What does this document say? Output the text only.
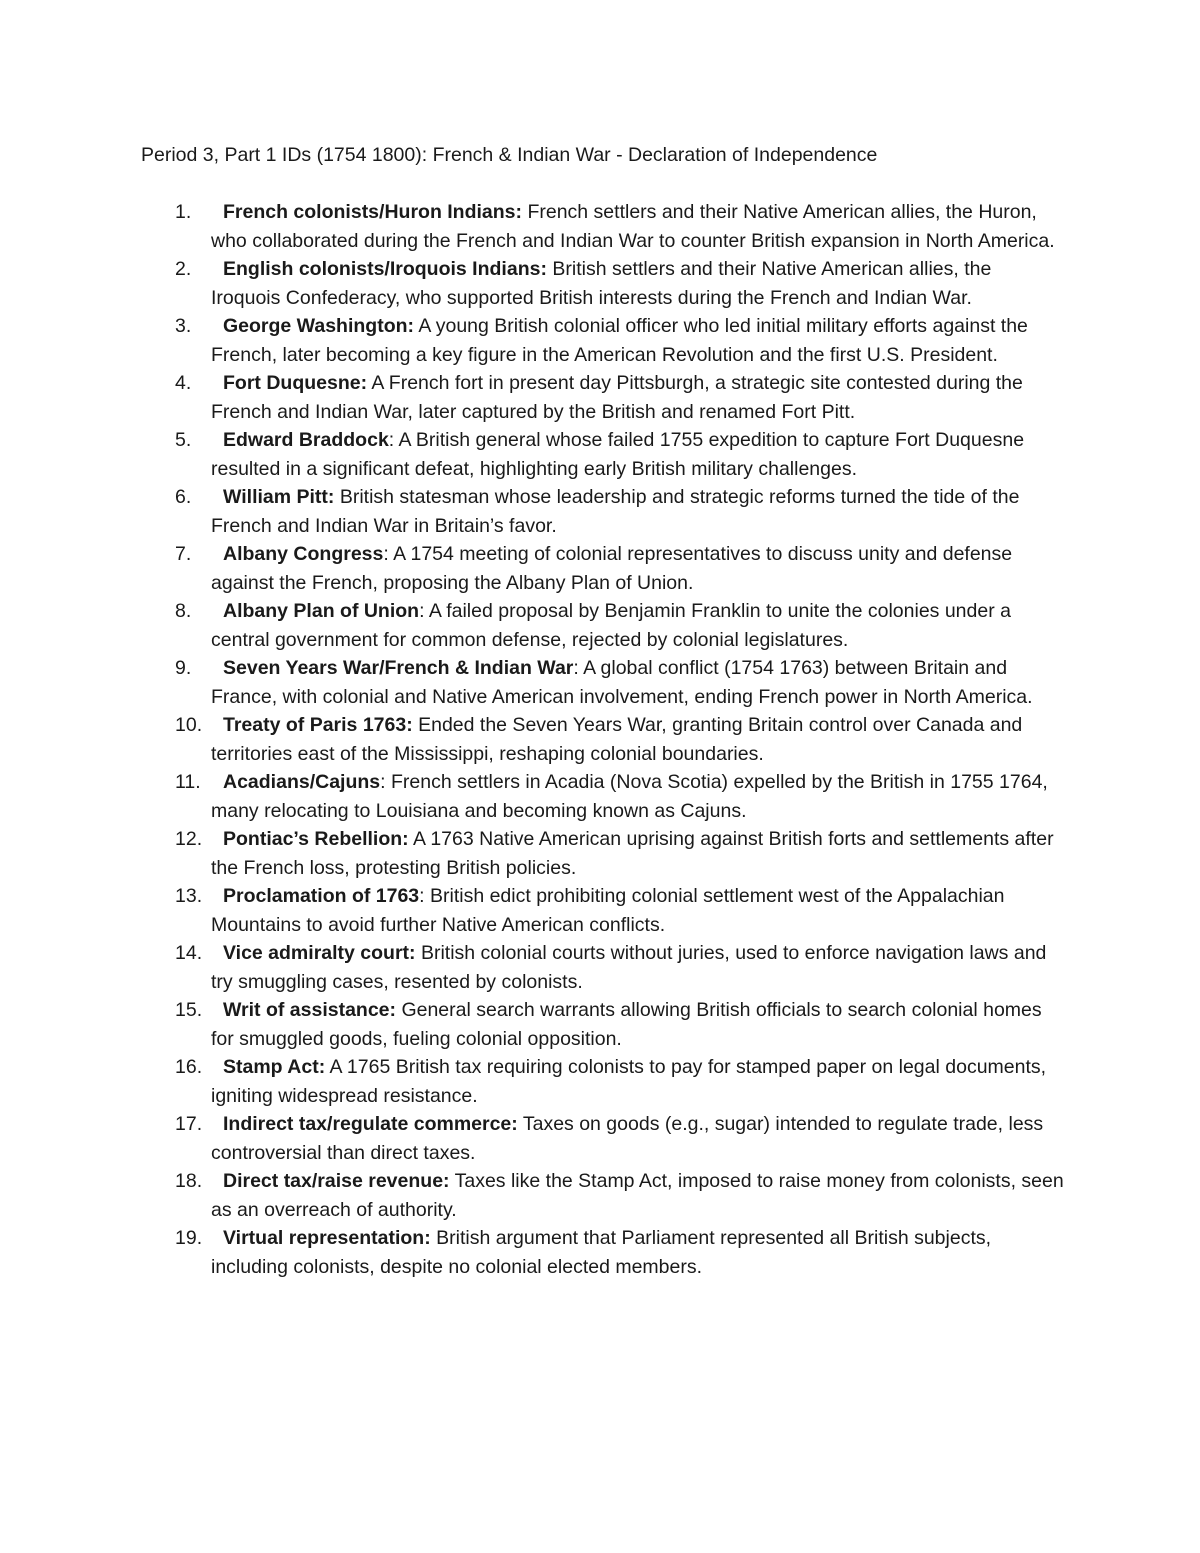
Period 3, Part 1 IDs (1754 1800): French & Indian War - Declaration of Independence
1. French colonists/Huron Indians: French settlers and their Native American allies, the Huron, who collaborated during the French and Indian War to counter British expansion in North America.
2. English colonists/Iroquois Indians: British settlers and their Native American allies, the Iroquois Confederacy, who supported British interests during the French and Indian War.
3. George Washington: A young British colonial officer who led initial military efforts against the French, later becoming a key figure in the American Revolution and the first U.S. President.
4. Fort Duquesne: A French fort in present day Pittsburgh, a strategic site contested during the French and Indian War, later captured by the British and renamed Fort Pitt.
5. Edward Braddock: A British general whose failed 1755 expedition to capture Fort Duquesne resulted in a significant defeat, highlighting early British military challenges.
6. William Pitt: British statesman whose leadership and strategic reforms turned the tide of the French and Indian War in Britain’s favor.
7. Albany Congress: A 1754 meeting of colonial representatives to discuss unity and defense against the French, proposing the Albany Plan of Union.
8. Albany Plan of Union: A failed proposal by Benjamin Franklin to unite the colonies under a central government for common defense, rejected by colonial legislatures.
9. Seven Years War/French & Indian War: A global conflict (1754 1763) between Britain and France, with colonial and Native American involvement, ending French power in North America.
10. Treaty of Paris 1763: Ended the Seven Years War, granting Britain control over Canada and territories east of the Mississippi, reshaping colonial boundaries.
11. Acadians/Cajuns: French settlers in Acadia (Nova Scotia) expelled by the British in 1755 1764, many relocating to Louisiana and becoming known as Cajuns.
12. Pontiac’s Rebellion: A 1763 Native American uprising against British forts and settlements after the French loss, protesting British policies.
13. Proclamation of 1763: British edict prohibiting colonial settlement west of the Appalachian Mountains to avoid further Native American conflicts.
14. Vice admiralty court: British colonial courts without juries, used to enforce navigation laws and try smuggling cases, resented by colonists.
15. Writ of assistance: General search warrants allowing British officials to search colonial homes for smuggled goods, fueling colonial opposition.
16. Stamp Act: A 1765 British tax requiring colonists to pay for stamped paper on legal documents, igniting widespread resistance.
17. Indirect tax/regulate commerce: Taxes on goods (e.g., sugar) intended to regulate trade, less controversial than direct taxes.
18. Direct tax/raise revenue: Taxes like the Stamp Act, imposed to raise money from colonists, seen as an overreach of authority.
19. Virtual representation: British argument that Parliament represented all British subjects, including colonists, despite no colonial elected members.
